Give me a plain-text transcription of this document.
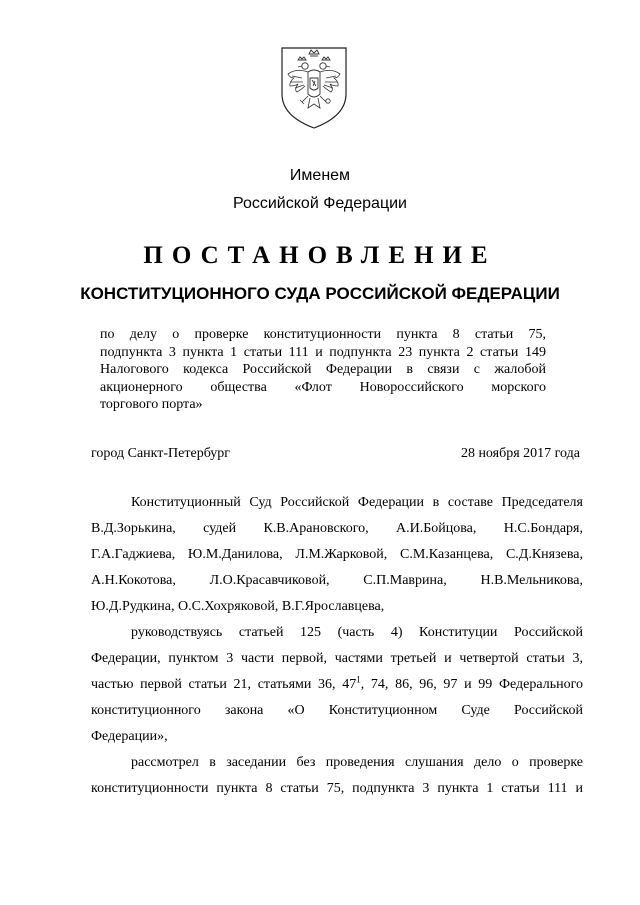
Именем
Российской Федерации
ПОСТАНОВЛЕНИЕ
КОНСТИТУЦИОННОГО СУДА РОССИЙСКОЙ ФЕДЕРАЦИИ
по делу о проверке конституционности пункта 8 статьи 75,
подпункта 3 пункта 1 статьи 111 и подпункта 23 пункта 2 статьи 149
Налогового кодекса Российской Федерации в связи с жалобой
акционерного общества «Флот Новороссийского морского
торгового порта»
город Санкт-Петербург	28 ноября 2017 года
Конституционный Суд Российской Федерации в составе Председателя
В.Д.Зорькина, судей К.В.Арановского, А.И.Бойцова, Н.С.Бондаря,
Г.А.Гаджиева, Ю.М.Данилова, Л.М.Жарковой, С.М.Казанцева, С.Д.Князева,
А.Н.Кокотова, Л.О.Красавчиковой, С.П.Маврина, Н.В.Мельникова,
Ю.Д.Рудкина, О.С.Хохряковой, В.Г.Ярославцева,
руководствуясь статьей 125 (часть 4) Конституции Российской
Федерации, пунктом 3 части первой, частями третьей и четвертой статьи 3,
частью первой статьи 21, статьями 36, $47^1$, 74, 86, 96, 97 и 99 Федерального
конституционного закона «О Конституционном Суде Российской
Федерации»,
рассмотрел в заседании без проведения слушания дело о проверке
конституционности пункта 8 статьи 75, подпункта 3 пункта 1 статьи 111 и
